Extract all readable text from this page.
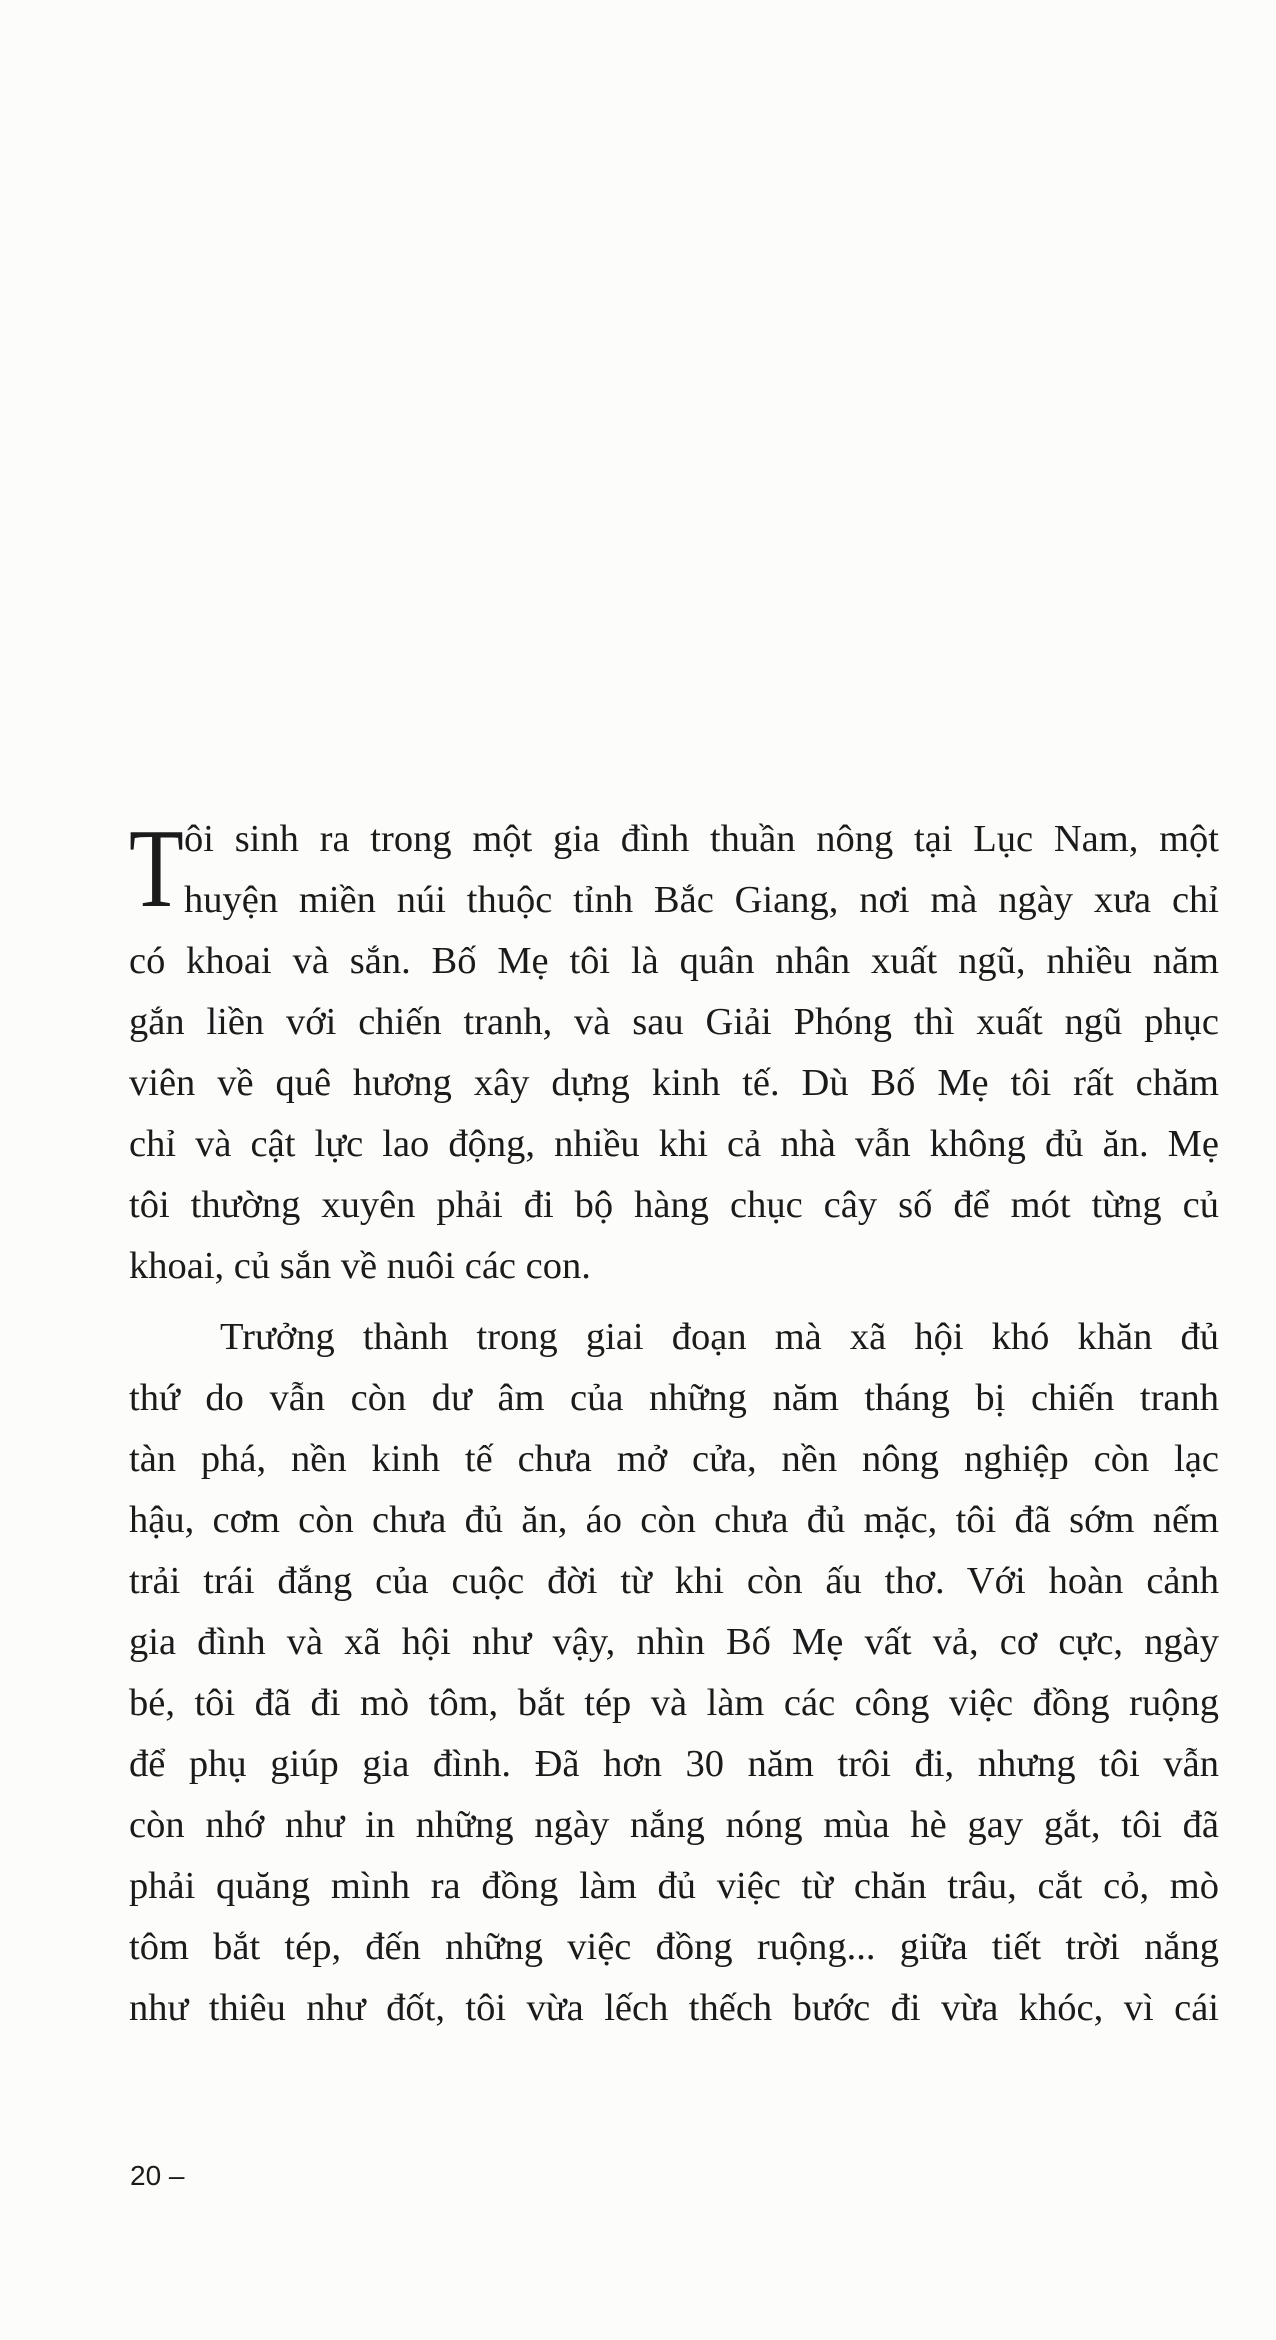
T ôi sinh ra trong một gia đình thuần nông tại Lục Nam, một
huyện miền núi thuộc tỉnh Bắc Giang, nơi mà ngày xưa chỉ
có khoai và sắn. Bố Mẹ tôi là quân nhân xuất ngũ, nhiều năm
gắn liền với chiến tranh, và sau Giải Phóng thì xuất ngũ phục
viên về quê hương xây dựng kinh tế. Dù Bố Mẹ tôi rất chăm
chỉ và cật lực lao động, nhiều khi cả nhà vẫn không đủ ăn. Mẹ
tôi thường xuyên phải đi bộ hàng chục cây số để mót từng củ
khoai, củ sắn về nuôi các con.
Trưởng thành trong giai đoạn mà xã hội khó khăn đủ
thứ do vẫn còn dư âm của những năm tháng bị chiến tranh
tàn phá, nền kinh tế chưa mở cửa, nền nông nghiệp còn lạc
hậu, cơm còn chưa đủ ăn, áo còn chưa đủ mặc, tôi đã sớm nếm
trải trái đắng của cuộc đời từ khi còn ấu thơ. Với hoàn cảnh
gia đình và xã hội như vậy, nhìn Bố Mẹ vất vả, cơ cực, ngày
bé, tôi đã đi mò tôm, bắt tép và làm các công việc đồng ruộng
để phụ giúp gia đình. Đã hơn 30 năm trôi đi, nhưng tôi vẫn
còn nhớ như in những ngày nắng nóng mùa hè gay gắt, tôi đã
phải quăng mình ra đồng làm đủ việc từ chăn trâu, cắt cỏ, mò
tôm bắt tép, đến những việc đồng ruộng... giữa tiết trời nắng
như thiêu như đốt, tôi vừa lếch thếch bước đi vừa khóc, vì cái
20 –
